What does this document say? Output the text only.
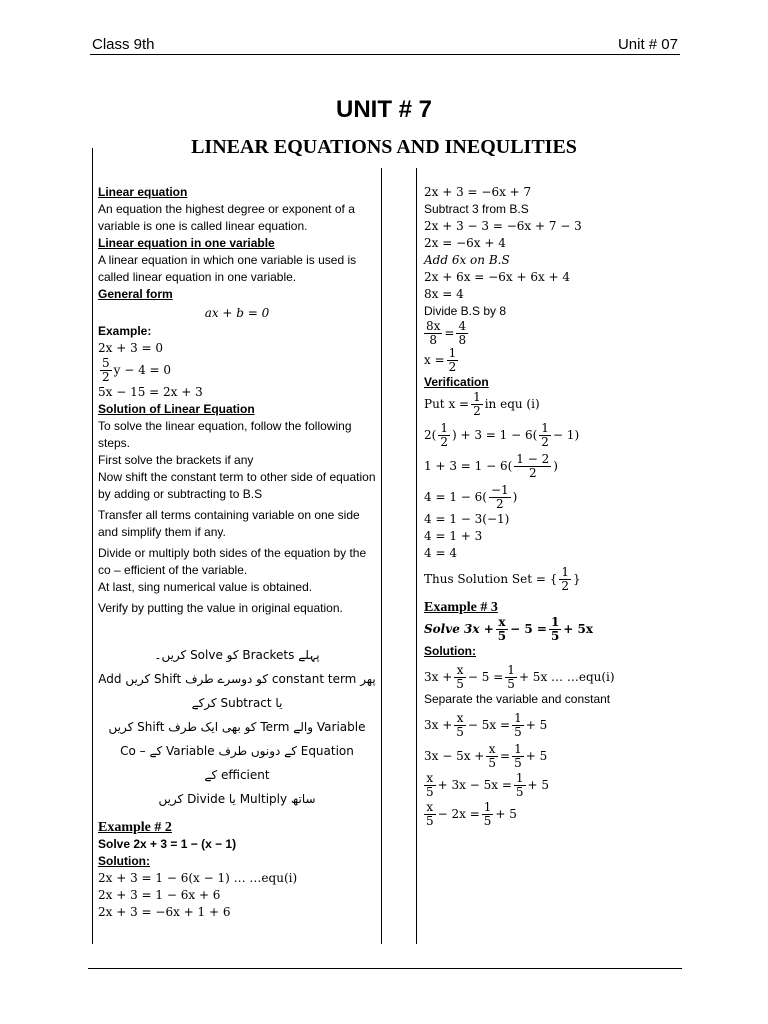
Class 9th	Unit # 07
UNIT # 7
LINEAR EQUATIONS AND INEQULITIES
Linear equation
An equation the highest degree or exponent of a variable is one is called linear equation.
Linear equation in one variable
A linear equation in which one variable is used is called linear equation in one variable.
General form
ax + b = 0
Example:
2x + 3 = 0
$\frac{5}{2}$ y − 4 = 0
5x − 15 = 2x + 3
Solution of Linear Equation
To solve the linear equation, follow the following steps.
First solve the brackets if any
Now shift the constant term to other side of equation by adding or subtracting to B.S
Transfer all terms containing variable on one side and simplify them if any.
Divide or multiply both sides of the equation by the co – efficient of the variable.
At last, sing numerical value is obtained.
Verify by putting the value in original equation.
پہلے Brackets کو Solve کریں۔
پھر constant term کو دوسرے طرف Shift کریں Add یا Subtract کرکے
Variable والے Term کو بھی ایک طرف Shift کریں
Equation کے دونوں طرف Variable کے Co – efficient کے
ساتھ Multiply یا Divide کریں
Example # 2
Solve 2x + 3 = 1 − (x − 1)
Solution:
2x + 3 = 1 − 6(x − 1) … …equ(i)
2x + 3 = 1 − 6x + 6
2x + 3 = −6x + 1 + 6
2x + 3 = −6x + 7
Subtract 3 from B.S
2x + 3 − 3 = −6x + 7 − 3
2x = −6x + 4
Add 6x on B.S
2x + 6x = −6x + 6x + 4
8x = 4
Divide B.S by 8
$\frac{8x}{8} = \frac{4}{8}$
$x = \frac{1}{2}$
Verification
Put $x = \frac{1}{2}$ in equ (i)
$2( \frac{1}{2}$ ) + $3 = 1 - 6( \frac{1}{2} - 1)$
$1 + 3 = 1 - 6( \frac{1 - 2}{2}$ )
$4 = 1 - 6( \frac{-1}{2}$ )
4 = 1 − 3(−1)
4 = 1 + 3
4 = 4
Thus Solution Set = { $\frac{1}{2}$ }
Example # 3
Solve $3x + \frac{x}{5} - 5 = \frac{1}{5} + 5x$
Solution:
$3x + \frac{x}{5} - 5 = \frac{1}{5} + 5x$ … …equ(i)
Separate the variable and constant
$3x + \frac{x}{5} - 5x = \frac{1}{5} + 5$
$3x - 5x + \frac{x}{5} = \frac{1}{5} + 5$
$\frac{x}{5} + 3x - 5x = \frac{1}{5} + 5$
$\frac{x}{5} - 2x = \frac{1}{5} + 5$
